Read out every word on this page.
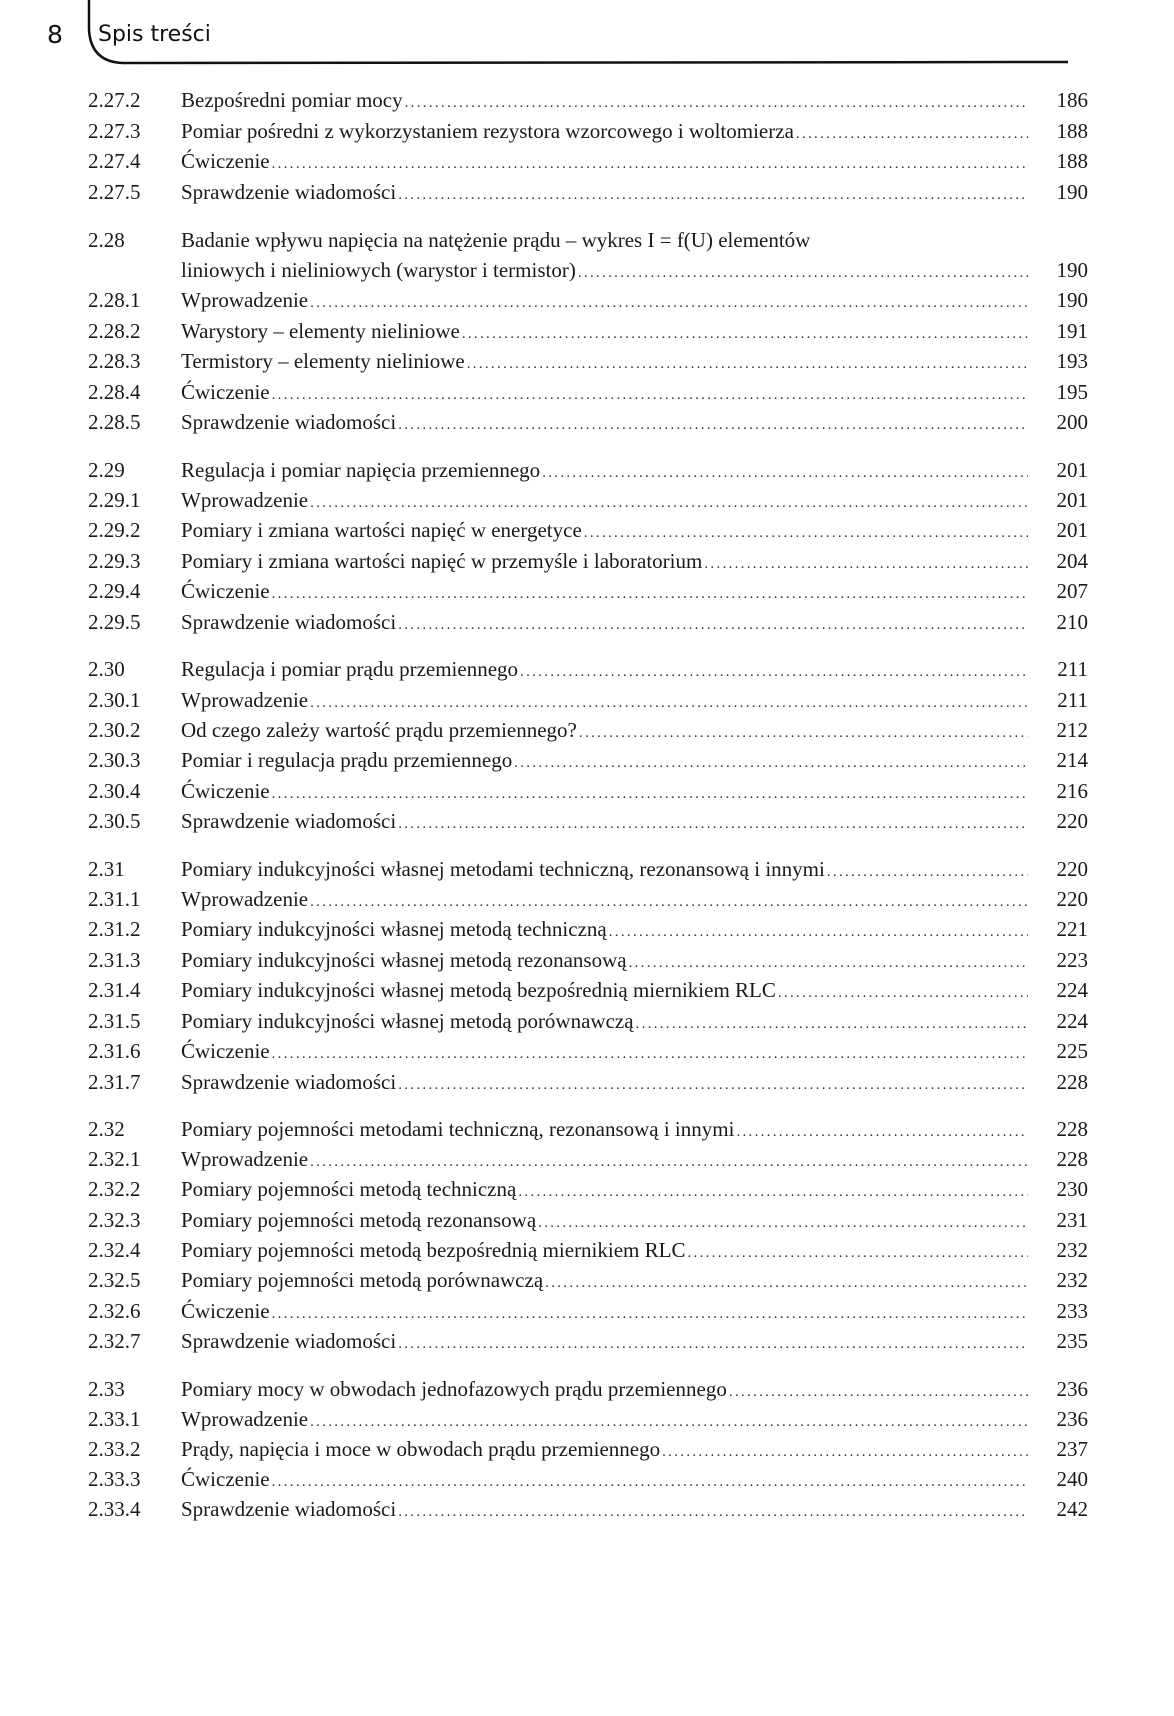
8 Spis treści
2.27.2	Bezpośredni pomiar mocy .....	186
2.27.3	Pomiar pośredni z wykorzystaniem rezystora wzorcowego i woltomierza .....	188
2.27.4	Ćwiczenie .....	188
2.27.5	Sprawdzenie wiadomości .....	190
2.28	Badanie wpływu napięcia na natężenie prądu – wykres I = f(U) elementów
liniowych i nieliniowych (warystor i termistor) .....	190
2.28.1	Wprowadzenie .....	190
2.28.2	Warystory – elementy nieliniowe .....	191
2.28.3	Termistory – elementy nieliniowe .....	193
2.28.4	Ćwiczenie .....	195
2.28.5	Sprawdzenie wiadomości .....	200
2.29	Regulacja i pomiar napięcia przemiennego .....	201
2.29.1	Wprowadzenie .....	201
2.29.2	Pomiary i zmiana wartości napięć w energetyce .....	201
2.29.3	Pomiary i zmiana wartości napięć w przemyśle i laboratorium .....	204
2.29.4	Ćwiczenie .....	207
2.29.5	Sprawdzenie wiadomości .....	210
2.30	Regulacja i pomiar prądu przemiennego .....	211
2.30.1	Wprowadzenie .....	211
2.30.2	Od czego zależy wartość prądu przemiennego? .....	212
2.30.3	Pomiar i regulacja prądu przemiennego .....	214
2.30.4	Ćwiczenie .....	216
2.30.5	Sprawdzenie wiadomości .....	220
2.31	Pomiary indukcyjności własnej metodami techniczną, rezonansową i innymi .....	220
2.31.1	Wprowadzenie .....	220
2.31.2	Pomiary indukcyjności własnej metodą techniczną .....	221
2.31.3	Pomiary indukcyjności własnej metodą rezonansową .....	223
2.31.4	Pomiary indukcyjności własnej metodą bezpośrednią miernikiem RLC .....	224
2.31.5	Pomiary indukcyjności własnej metodą porównawczą .....	224
2.31.6	Ćwiczenie .....	225
2.31.7	Sprawdzenie wiadomości .....	228
2.32	Pomiary pojemności metodami techniczną, rezonansową i innymi .....	228
2.32.1	Wprowadzenie .....	228
2.32.2	Pomiary pojemności metodą techniczną .....	230
2.32.3	Pomiary pojemności metodą rezonansową .....	231
2.32.4	Pomiary pojemności metodą bezpośrednią miernikiem RLC .....	232
2.32.5	Pomiary pojemności metodą porównawczą .....	232
2.32.6	Ćwiczenie .....	233
2.32.7	Sprawdzenie wiadomości .....	235
2.33	Pomiary mocy w obwodach jednofazowych prądu przemiennego .....	236
2.33.1	Wprowadzenie .....	236
2.33.2	Prądy, napięcia i moce w obwodach prądu przemiennego .....	237
2.33.3	Ćwiczenie .....	240
2.33.4	Sprawdzenie wiadomości .....	242
